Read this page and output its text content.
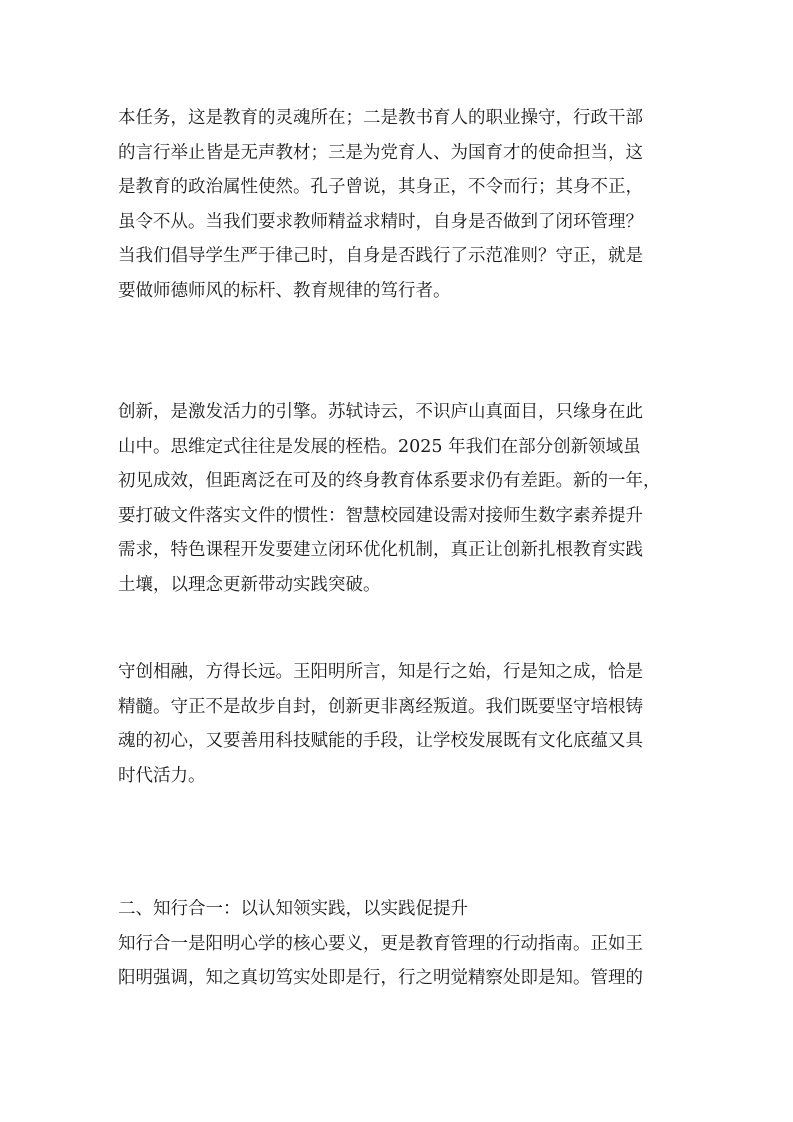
本任务，这是教育的灵魂所在；二是教书育人的职业操守，行政干部
的言行举止皆是无声教材；三是为党育人、为国育才的使命担当，这
是教育的政治属性使然。孔子曾说，其身正，不令而行；其身不正，
虽令不从。当我们要求教师精益求精时，自身是否做到了闭环管理？
当我们倡导学生严于律己时，自身是否践行了示范准则？守正，就是
要做师德师风的标杆、教育规律的笃行者。
创新，是激发活力的引擎。苏轼诗云，不识庐山真面目，只缘身在此
山中。思维定式往往是发展的桎梏。2025 年我们在部分创新领域虽
初见成效，但距离泛在可及的终身教育体系要求仍有差距。新的一年，
要打破文件落实文件的惯性：智慧校园建设需对接师生数字素养提升
需求，特色课程开发要建立闭环优化机制，真正让创新扎根教育实践
土壤，以理念更新带动实践突破。
守创相融，方得长远。王阳明所言，知是行之始，行是知之成，恰是
精髓。守正不是故步自封，创新更非离经叛道。我们既要坚守培根铸
魂的初心，又要善用科技赋能的手段，让学校发展既有文化底蕴又具
时代活力。
二、知行合一：以认知领实践，以实践促提升
知行合一是阳明心学的核心要义，更是教育管理的行动指南。正如王
阳明强调，知之真切笃实处即是行，行之明觉精察处即是知。管理的
